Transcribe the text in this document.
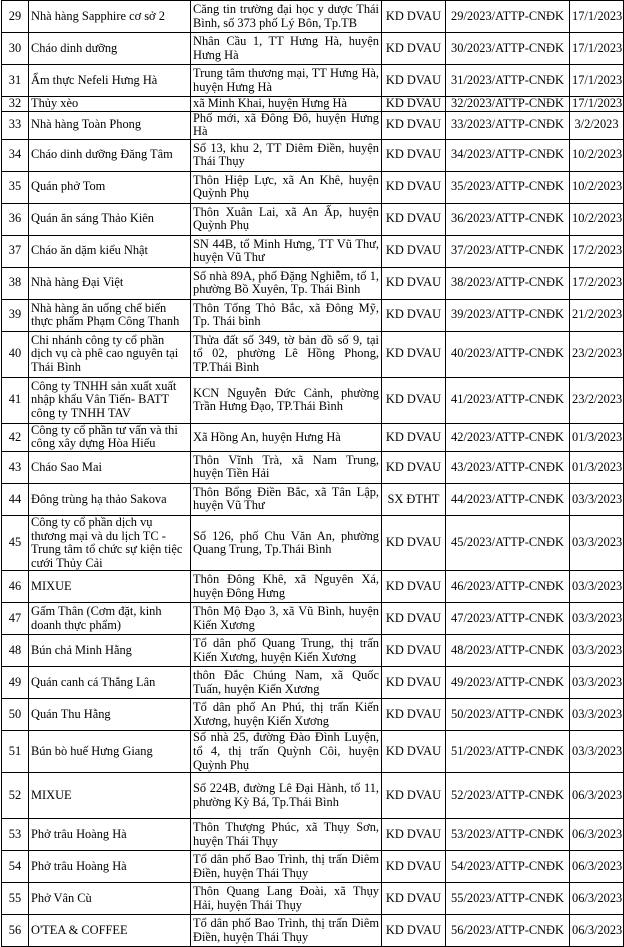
29	Nhà hàng Sapphire cơ sở 2	Căng tin trường đại học y dược Thái Bình, số 373 phố Lý Bôn, Tp.TB	KD DVAU	29/2023/ATTP-CNĐK	17/1/2023
30	Cháo dinh dưỡng	Nhân Cầu 1, TT Hưng Hà, huyện Hưng Hà	KD DVAU	30/2023/ATTP-CNĐK	17/1/2023
31	Ẩm thực Nefeli Hưng Hà	Trung tâm thương mại, TT Hưng Hà, huyện Hưng Hà	KD DVAU	31/2023/ATTP-CNĐK	17/1/2023
32	Thủy xèo	xã Minh Khai, huyện Hưng Hà	KD DVAU	32/2023/ATTP-CNĐK	17/1/2023
33	Nhà hàng Toàn Phong	Phố mới, xã Đông Đô, huyện Hưng Hà	KD DVAU	33/2023/ATTP-CNĐK	3/2/2023
34	Cháo dinh dưỡng Đăng Tâm	Số 13, khu 2, TT Diêm Điền, huyện Thái Thụy	KD DVAU	34/2023/ATTP-CNĐK	10/2/2023
35	Quán phở Tom	Thôn Hiệp Lực, xã An Khê, huyện Quỳnh Phụ	KD DVAU	35/2023/ATTP-CNĐK	10/2/2023
36	Quán ăn sáng Thảo Kiên	Thôn Xuân Lai, xã An Ấp, huyện Quỳnh Phụ	KD DVAU	36/2023/ATTP-CNĐK	10/2/2023
37	Cháo ăn dặm kiểu Nhật	SN 44B, tổ Minh Hưng, TT Vũ Thư, huyện Vũ Thư	KD DVAU	37/2023/ATTP-CNĐK	17/2/2023
38	Nhà hàng Đại Việt	Số nhà 89A, phố Đặng Nghiễm, tổ 1, phường Bồ Xuyên, Tp. Thái Bình	KD DVAU	38/2023/ATTP-CNĐK	17/2/2023
39	Nhà hàng ăn uống chế biến thực phẩm Phạm Công Thanh	Thôn Tống Thỏ Bắc, xã Đông Mỹ, Tp. Thái bình	KD DVAU	39/2023/ATTP-CNĐK	21/2/2023
40	Chi nhánh công ty cổ phần dịch vụ cà phê cao nguyên tại Thái Bình	Thửa đất số 349, tờ bản đồ số 9, tại tổ 02, phường Lê Hồng Phong, TP.Thái Bình	KD DVAU	40/2023/ATTP-CNĐK	23/2/2023
41	Công ty TNHH sản xuất xuất nhập khẩu Vân Tiến- BATT công ty TNHH TAV	KCN Nguyễn Đức Cảnh, phường Trần Hưng Đạo, TP.Thái Bình	KD DVAU	41/2023/ATTP-CNĐK	23/2/2023
42	Công ty cổ phần tư vấn và thi công xây dựng Hòa Hiếu	Xã Hồng An, huyện Hưng Hà	KD DVAU	42/2023/ATTP-CNĐK	01/3/2023
43	Cháo Sao Mai	Thôn Vĩnh Trà, xã Nam Trung, huyện Tiền Hải	KD DVAU	43/2023/ATTP-CNĐK	01/3/2023
44	Đông trùng hạ thảo Sakova	Thôn Bổng Điền Bắc, xã Tân Lập, huyện Vũ Thư	SX ĐTHT	44/2023/ATTP-CNĐK	03/3/2023
45	Công ty cổ phần dịch vụ thương mại và du lịch TC - Trung tâm tổ chức sự kiện tiệc cưới Thủy Cải	Số 126, phố Chu Văn An, phường Quang Trung, Tp.Thái Bình	KD DVAU	45/2023/ATTP-CNĐK	03/3/2023
46	MIXUE	Thôn Đông Khê, xã Nguyên Xá, huyện Đông Hưng	KD DVAU	46/2023/ATTP-CNĐK	03/3/2023
47	Gấm Thân (Cơm đặt, kinh doanh thực phẩm)	Thôn Mộ Đạo 3, xã Vũ Bình, huyện Kiến Xương	KD DVAU	47/2023/ATTP-CNĐK	03/3/2023
48	Bún chả Minh Hằng	Tổ dân phố Quang Trung, thị trấn Kiến Xương, huyện Kiến Xương	KD DVAU	48/2023/ATTP-CNĐK	03/3/2023
49	Quán canh cá Thắng Lân	thôn Đắc Chúng Nam, xã Quốc Tuấn, huyện Kiến Xương	KD DVAU	49/2023/ATTP-CNĐK	03/3/2023
50	Quán Thu Hằng	Tổ dân phố An Phú, thị trấn Kiến Xương, huyện Kiến Xương	KD DVAU	50/2023/ATTP-CNĐK	03/3/2023
51	Bún bò huế Hưng Giang	Số nhà 25, đường Đào Đình Luyện, tổ 4, thị trấn Quỳnh Côi, huyện Quỳnh Phụ	KD DVAU	51/2023/ATTP-CNĐK	03/3/2023
52	MIXUE	Số 224B, đường Lê Đại Hành, tổ 11, phường Kỳ Bá, Tp.Thái Bình	KD DVAU	52/2023/ATTP-CNĐK	06/3/2023
53	Phở trâu Hoàng Hà	Thôn Thượng Phúc, xã Thụy Sơn, huyện Thái Thụy	KD DVAU	53/2023/ATTP-CNĐK	06/3/2023
54	Phở trâu Hoàng Hà	Tổ dân phố Bao Trình, thị trấn Diêm Điền, huyện Thái Thụy	KD DVAU	54/2023/ATTP-CNĐK	06/3/2023
55	Phở Vân Cù	Thôn Quang Lang Đoài, xã Thụy Hải, huyện Thái Thụy	KD DVAU	55/2023/ATTP-CNĐK	06/3/2023
56	O'TEA & COFFEE	Tổ dân phố Bao Trình, thị trấn Diêm Điền, huyện Thái Thụy	KD DVAU	56/2023/ATTP-CNĐK	06/3/2023
